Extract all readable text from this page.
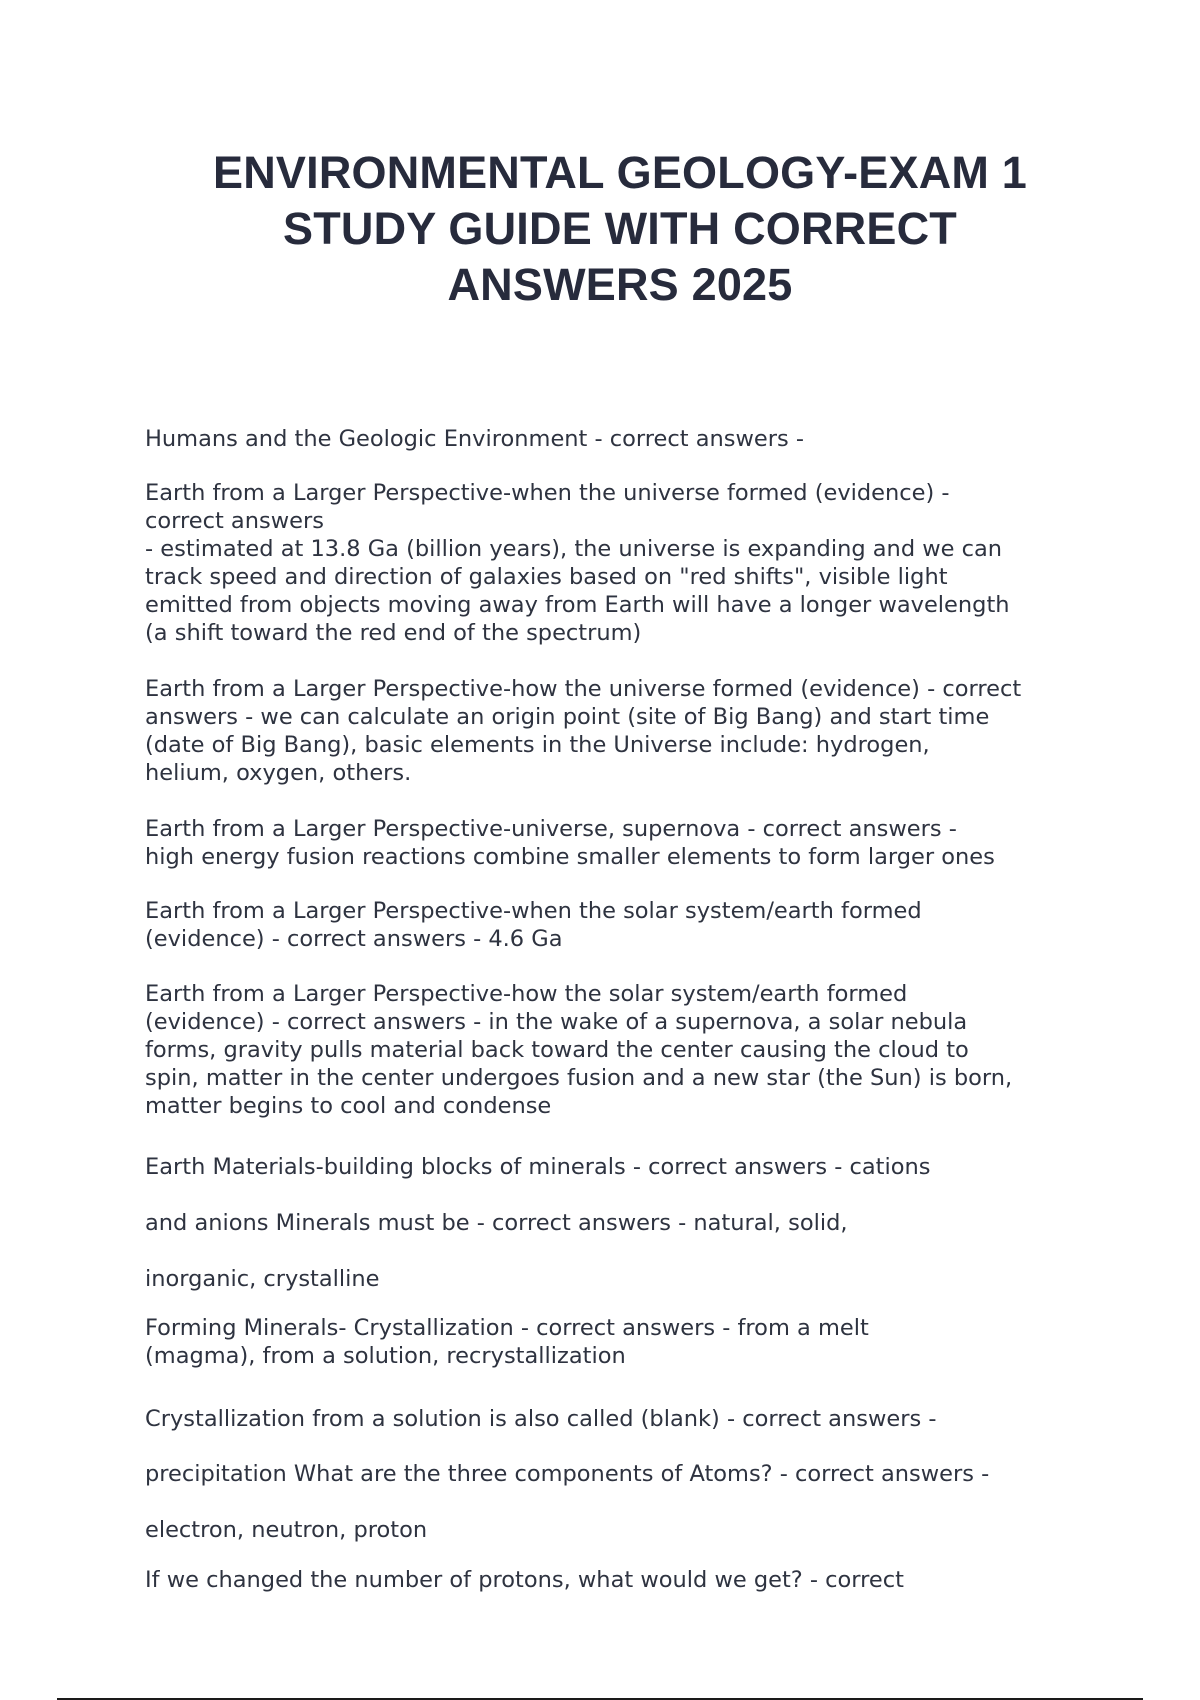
ENVIRONMENTAL GEOLOGY-EXAM 1
STUDY GUIDE WITH CORRECT
ANSWERS 2025
Humans and the Geologic Environment - correct answers -
Earth from a Larger Perspective-when the universe formed (evidence) -
correct answers
- estimated at 13.8 Ga (billion years), the universe is expanding and we can
track speed and direction of galaxies based on "red shifts", visible light
emitted from objects moving away from Earth will have a longer wavelength
(a shift toward the red end of the spectrum)
Earth from a Larger Perspective-how the universe formed (evidence) - correct
answers - we can calculate an origin point (site of Big Bang) and start time
(date of Big Bang), basic elements in the Universe include: hydrogen,
helium, oxygen, others.
Earth from a Larger Perspective-universe, supernova - correct answers -
high energy fusion reactions combine smaller elements to form larger ones
Earth from a Larger Perspective-when the solar system/earth formed
(evidence) - correct answers - 4.6 Ga
Earth from a Larger Perspective-how the solar system/earth formed
(evidence) - correct answers - in the wake of a supernova, a solar nebula
forms, gravity pulls material back toward the center causing the cloud to
spin, matter in the center undergoes fusion and a new star (the Sun) is born,
matter begins to cool and condense
Earth Materials-building blocks of minerals - correct answers - cations
and anions Minerals must be - correct answers - natural, solid,
inorganic, crystalline
Forming Minerals- Crystallization - correct answers - from a melt
(magma), from a solution, recrystallization
Crystallization from a solution is also called (blank) - correct answers -
precipitation What are the three components of Atoms? - correct answers -
electron, neutron, proton
If we changed the number of protons, what would we get? - correct
